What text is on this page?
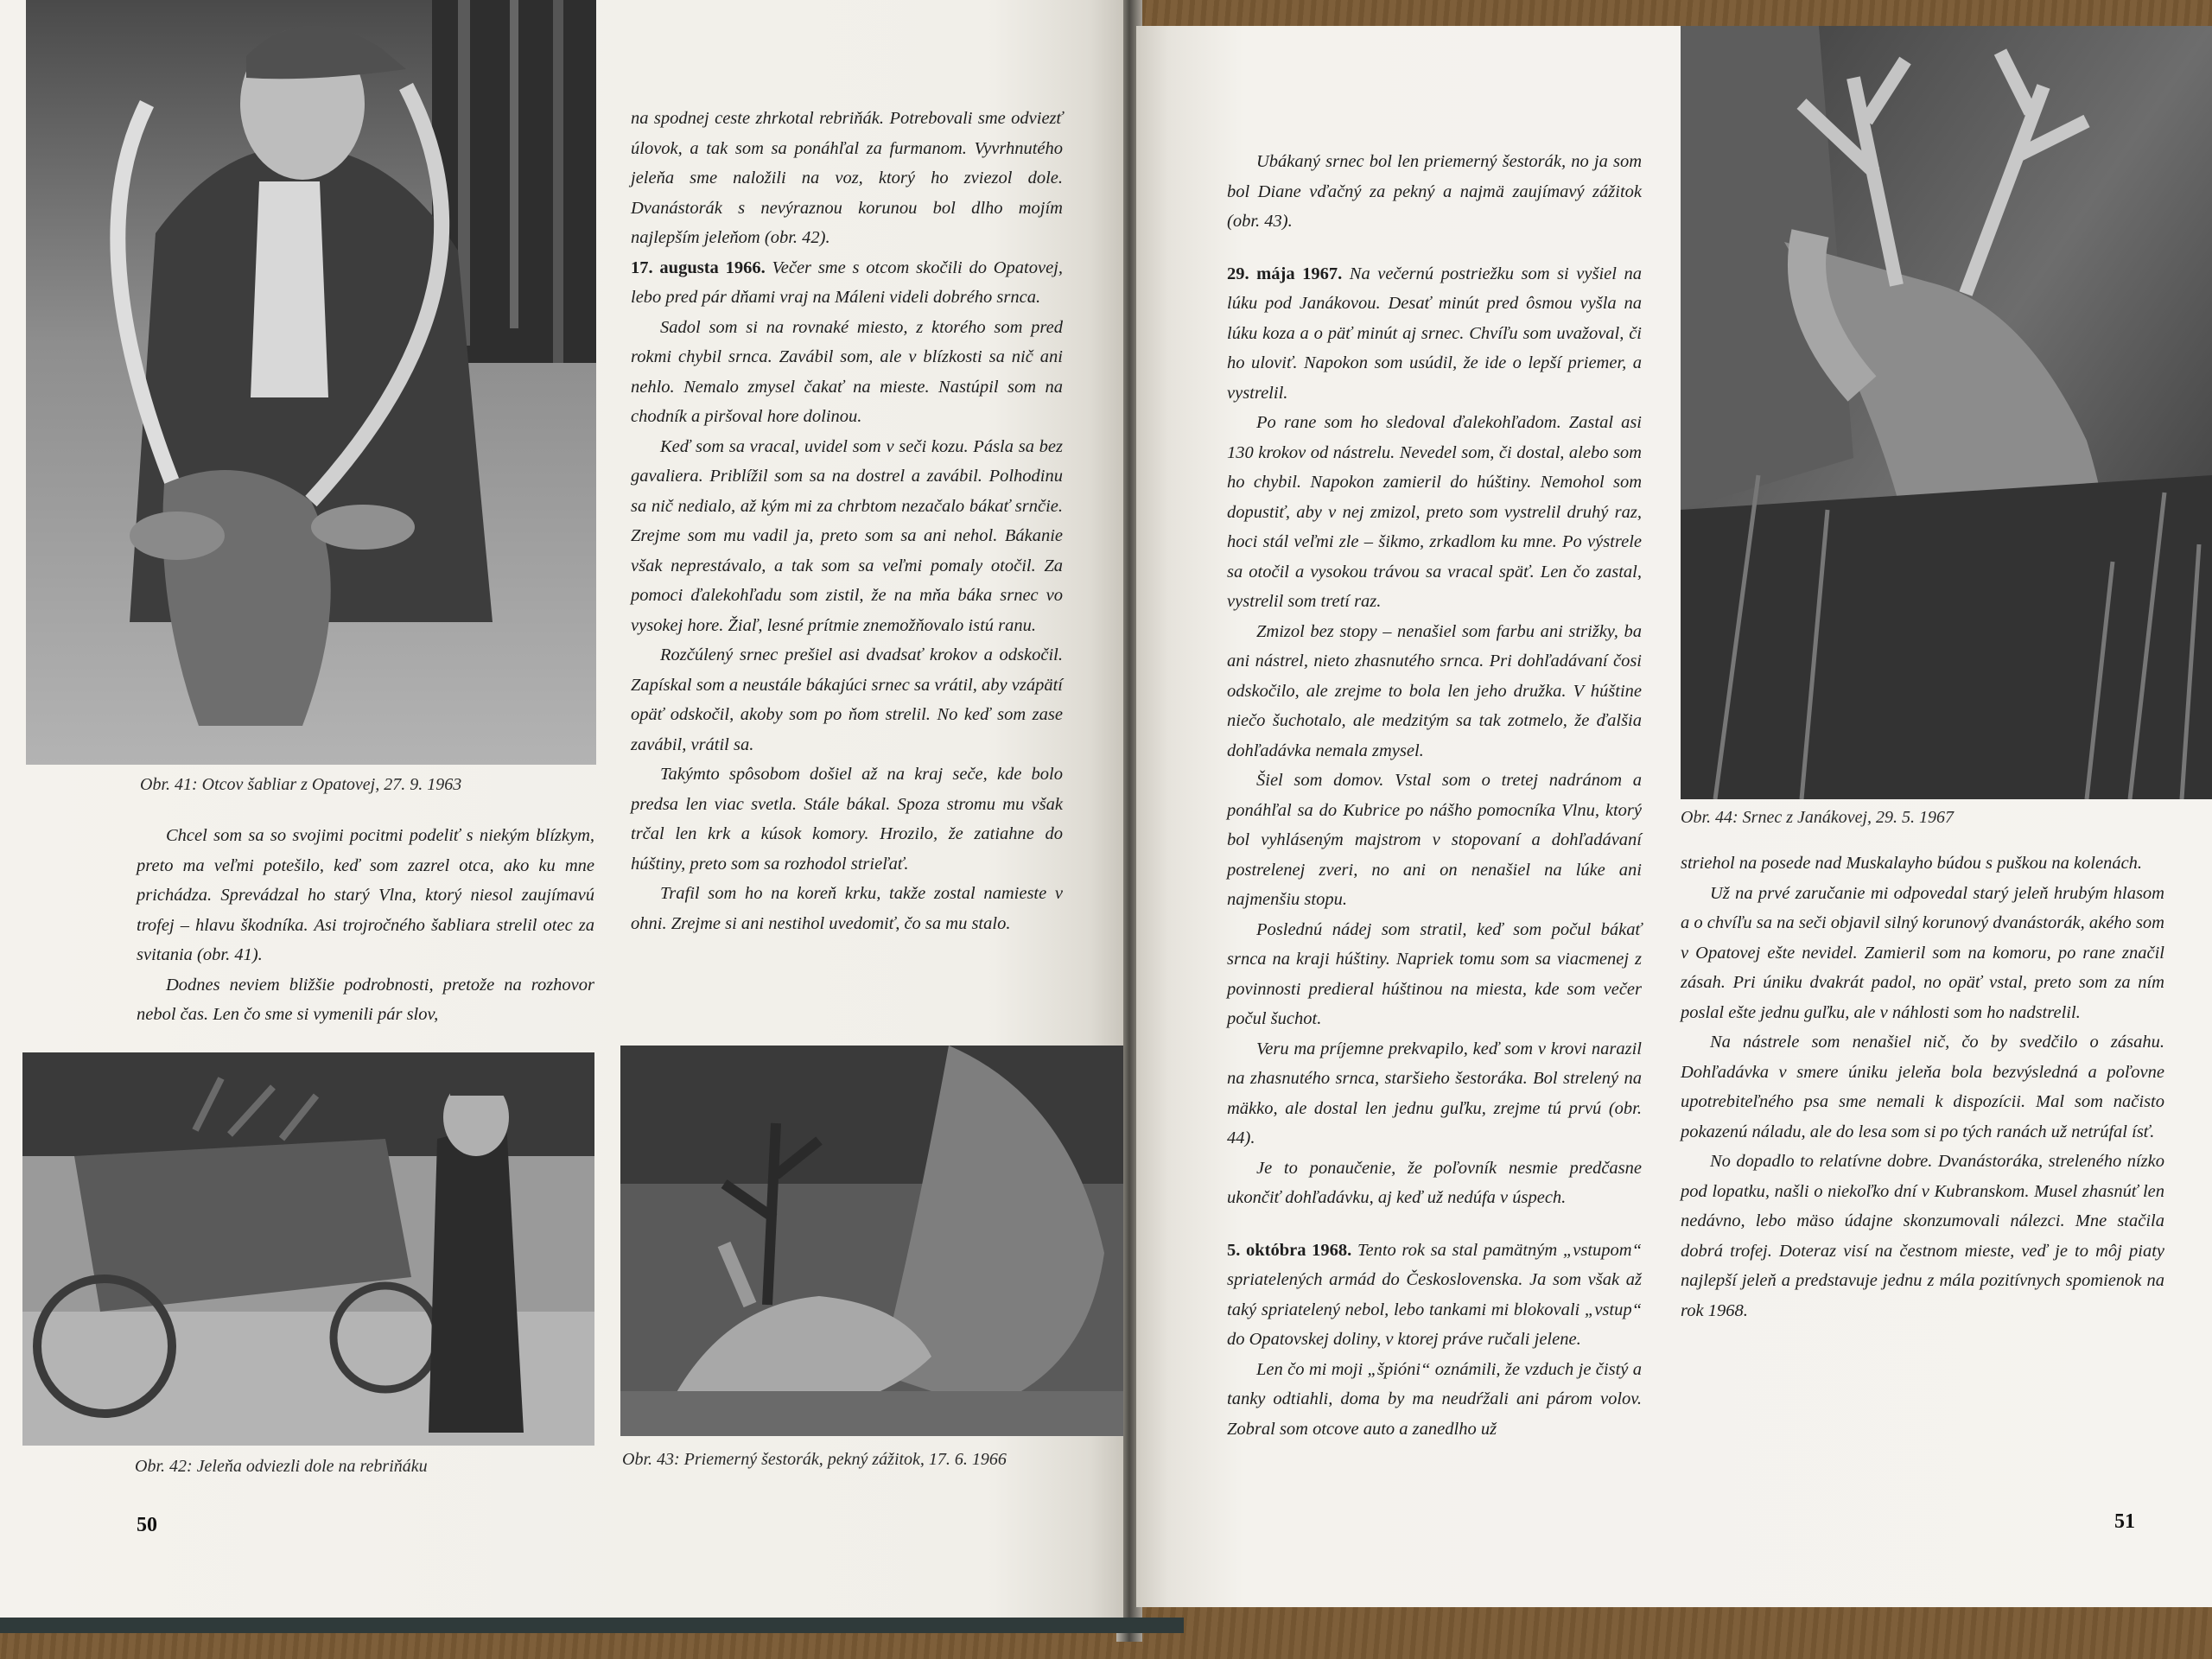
Obr. 41: Otcov šabliar z Opatovej, 27. 9. 1963

Chcel som sa so svojimi pocitmi podeliť s niekým blízkym, preto ma veľmi potešilo, keď som zazrel otca, ako ku mne prichádza. Sprevádzal ho starý Vlna, ktorý niesol zaujímavú trofej – hlavu škodníka. Asi trojročného šabliara strelil otec za svitania (obr. 41).

Dodnes neviem bližšie podrobnosti, pretože na rozhovor nebol čas. Len čo sme si vymenili pár slov,

Obr. 42: Jeleňa odviezli dole na rebriňáku

na spodnej ceste zhrkotal rebriňák. Potrebovali sme odviezť úlovok, a tak som sa ponáhľal za furmanom. Vyvrhnutého jeleňa sme naložili na voz, ktorý ho zviezol dole. Dvanástorák s nevýraznou korunou bol dlho mojím najlepším jeleňom (obr. 42).

17. augusta 1966. Večer sme s otcom skočili do Opatovej, lebo pred pár dňami vraj na Máleni videli dobrého srnca.

Sadol som si na rovnaké miesto, z ktorého som pred rokmi chybil srnca. Zavábil som, ale v blízkosti sa nič ani nehlo. Nemalo zmysel čakať na mieste. Nastúpil som na chodník a piršoval hore dolinou.

Keď som sa vracal, uvidel som v seči kozu. Pásla sa bez gavaliera. Priblížil som sa na dostrel a zavábil. Polhodinu sa nič nedialo, až kým mi za chrbtom nezačalo bákať srnčie. Zrejme som mu vadil ja, preto som sa ani nehol. Bákanie však neprestávalo, a tak som sa veľmi pomaly otočil. Za pomoci ďalekohľadu som zistil, že na mňa báka srnec vo vysokej hore. Žiaľ, lesné prítmie znemožňovalo istú ranu.

Rozčúlený srnec prešiel asi dvadsať krokov a odskočil. Zapískal som a neustále bákajúci srnec sa vrátil, aby vzápätí opäť odskočil, akoby som po ňom strelil. No keď som zase zavábil, vrátil sa.

Takýmto spôsobom došiel až na kraj seče, kde bolo predsa len viac svetla. Stále bákal. Spoza stromu mu však trčal len krk a kúsok komory. Hrozilo, že zatiahne do húštiny, preto som sa rozhodol strieľať.

Trafil som ho na koreň krku, takže zostal namieste v ohni. Zrejme si ani nestihol uvedomiť, čo sa mu stalo.

Obr. 43: Priemerný šestorák, pekný zážitok, 17. 6. 1966
50

Ubákaný srnec bol len priemerný šestorák, no ja som bol Diane vďačný za pekný a najmä zaujímavý zážitok (obr. 43).

29. mája 1967. Na večernú postriežku som si vyšiel na lúku pod Janákovou. Desať minút pred ôsmou vyšla na lúku koza a o päť minút aj srnec. Chvíľu som uvažoval, či ho uloviť. Napokon som usúdil, že ide o lepší priemer, a vystrelil.

Po rane som ho sledoval ďalekohľadom. Zastal asi 130 krokov od nástrelu. Nevedel som, či dostal, alebo som ho chybil. Napokon zamieril do húštiny. Nemohol som dopustiť, aby v nej zmizol, preto som vystrelil druhý raz, hoci stál veľmi zle – šikmo, zrkadlom ku mne. Po výstrele sa otočil a vysokou trávou sa vracal späť. Len čo zastal, vystrelil som tretí raz.

Zmizol bez stopy – nenašiel som farbu ani strižky, ba ani nástrel, nieto zhasnutého srnca. Pri dohľadávaní čosi odskočilo, ale zrejme to bola len jeho družka. V húštine niečo šuchotalo, ale medzitým sa tak zotmelo, že ďalšia dohľadávka nemala zmysel.

Šiel som domov. Vstal som o tretej nadránom a ponáhľal sa do Kubrice po nášho pomocníka Vlnu, ktorý bol vyhláseným majstrom v stopovaní a dohľadávaní postrelenej zveri, no ani on nenašiel na lúke ani najmenšiu stopu.

Poslednú nádej som stratil, keď som počul bákať srnca na kraji húštiny. Napriek tomu som sa viacmenej z povinnosti predieral húštinou na miesta, kde som večer počul šuchot.

Veru ma príjemne prekvapilo, keď som v krovi narazil na zhasnutého srnca, staršieho šestoráka. Bol strelený na mäkko, ale dostal len jednu guľku, zrejme tú prvú (obr. 44).

Je to ponaučenie, že poľovník nesmie predčasne ukončiť dohľadávku, aj keď už nedúfa v úspech.

5. októbra 1968. Tento rok sa stal pamätným „vstupom“ spriatelených armád do Československa. Ja som však až taký spriatelený nebol, lebo tankami mi blokovali „vstup“ do Opatovskej doliny, v ktorej práve ručali jelene.

Len čo mi moji „špióni“ oznámili, že vzduch je čistý a tanky odtiahli, doma by ma neudŕžali ani párom volov. Zobral som otcove auto a zanedlho už

Obr. 44: Srnec z Janákovej, 29. 5. 1967

striehol na posede nad Muskalayho búdou s puškou na kolenách.

Už na prvé zaručanie mi odpovedal starý jeleň hrubým hlasom a o chvíľu sa na seči objavil silný korunový dvanástorák, akého som v Opatovej ešte nevidel. Zamieril som na komoru, po rane značil zásah. Pri úniku dvakrát padol, no opäť vstal, preto som za ním poslal ešte jednu guľku, ale v náhlosti som ho nadstrelil.

Na nástrele som nenašiel nič, čo by svedčilo o zásahu. Dohľadávka v smere úniku jeleňa bola bezvýsledná a poľovne upotrebiteľného psa sme nemali k dispozícii. Mal som načisto pokazenú náladu, ale do lesa som si po tých ranách už netrúfal ísť.

No dopadlo to relatívne dobre. Dvanástoráka, streleného nízko pod lopatku, našli o niekoľko dní v Kubranskom. Musel zhasnúť len nedávno, lebo mäso údajne skonzumovali nálezci. Mne stačila dobrá trofej. Doteraz visí na čestnom mieste, veď je to môj piaty najlepší jeleň a predstavuje jednu z mála pozitívnych spomienok na rok 1968.

51
